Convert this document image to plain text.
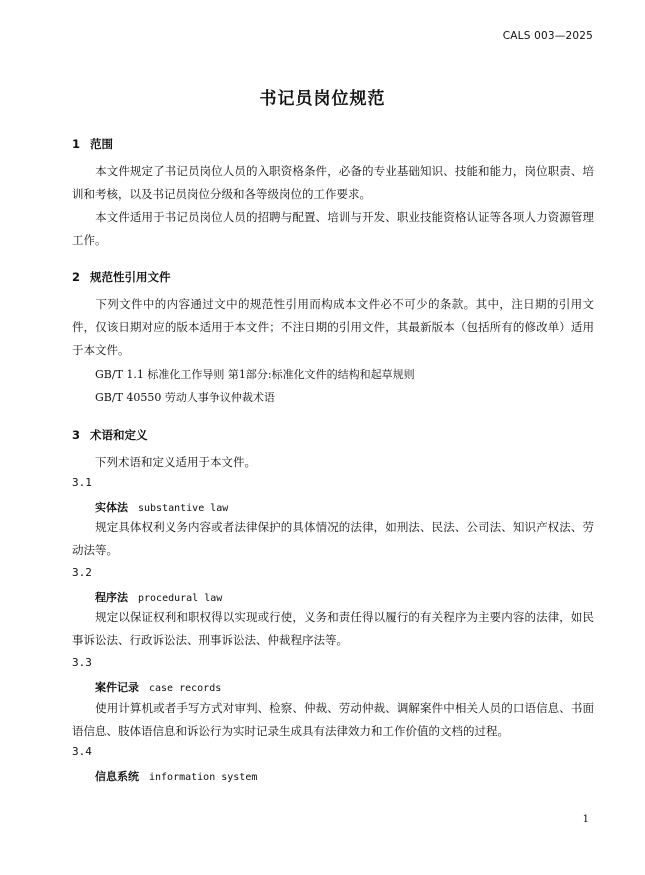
CALS 003—2025
书记员岗位规范
1 范围
本文件规定了书记员岗位人员的入职资格条件，必备的专业基础知识、技能和能力，岗位职责、培训和考核，以及书记员岗位分级和各等级岗位的工作要求。
本文件适用于书记员岗位人员的招聘与配置、培训与开发、职业技能资格认证等各项人力资源管理工作。
2 规范性引用文件
下列文件中的内容通过文中的规范性引用而构成本文件必不可少的条款。其中，注日期的引用文件，仅该日期对应的版本适用于本文件；不注日期的引用文件，其最新版本（包括所有的修改单）适用于本文件。
GB/T 1.1 标准化工作导则 第1部分:标准化文件的结构和起草规则
GB/T 40550 劳动人事争议仲裁术语
3 术语和定义
下列术语和定义适用于本文件。
3.1
实体法 substantive law
规定具体权利义务内容或者法律保护的具体情况的法律，如刑法、民法、公司法、知识产权法、劳动法等。
3.2
程序法 procedural law
规定以保证权利和职权得以实现或行使，义务和责任得以履行的有关程序为主要内容的法律，如民事诉讼法、行政诉讼法、刑事诉讼法、仲裁程序法等。
3.3
案件记录 case records
使用计算机或者手写方式对审判、检察、仲裁、劳动仲裁、调解案件中相关人员的口语信息、书面语信息、肢体语信息和诉讼行为实时记录生成具有法律效力和工作价值的文档的过程。
3.4
信息系统 information system
1
